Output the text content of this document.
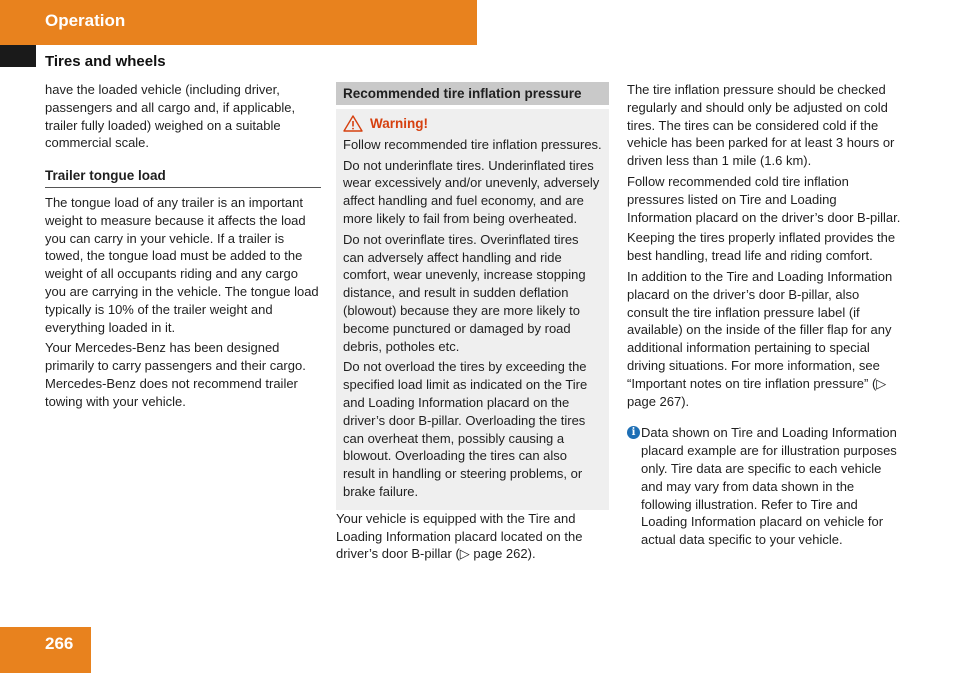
Operation
Tires and wheels

have the loaded vehicle (including driver, passengers and all cargo and, if applicable, trailer fully loaded) weighed on a suitable commercial scale.

Trailer tongue load

The tongue load of any trailer is an important weight to measure because it affects the load you can carry in your vehicle. If a trailer is towed, the tongue load must be added to the weight of all occupants riding and any cargo you are carrying in the vehicle. The tongue load typically is 10% of the trailer weight and everything loaded in it.

Your Mercedes-Benz has been designed primarily to carry passengers and their cargo. Mercedes-Benz does not recommend trailer towing with your vehicle.

Recommended tire inflation pressure
Warning!

Follow recommended tire inflation pressures.

Do not underinflate tires. Underinflated tires wear excessively and/or unevenly, adversely affect handling and fuel economy, and are more likely to fail from being overheated.

Do not overinflate tires. Overinflated tires can adversely affect handling and ride comfort, wear unevenly, increase stopping distance, and result in sudden deflation (blowout) because they are more likely to become punctured or damaged by road debris, potholes etc.

Do not overload the tires by exceeding the specified load limit as indicated on the Tire and Loading Information placard on the driver’s door B-pillar. Overloading the tires can overheat them, possibly causing a blowout. Overloading the tires can also result in handling or steering problems, or brake failure.

Your vehicle is equipped with the Tire and Loading Information placard located on the driver’s door B-pillar (▷ page 262).

The tire inflation pressure should be checked regularly and should only be adjusted on cold tires. The tires can be considered cold if the vehicle has been parked for at least 3 hours or driven less than 1 mile (1.6 km).

Follow recommended cold tire inflation pressures listed on Tire and Loading Information placard on the driver’s door B-pillar.

Keeping the tires properly inflated provides the best handling, tread life and riding comfort.

In addition to the Tire and Loading Information placard on the driver’s door B-pillar, also consult the tire inflation pressure label (if available) on the inside of the filler flap for any additional information pertaining to special driving situations. For more information, see “Important notes on tire inflation pressure” (▷ page 267).

i Data shown on Tire and Loading Information placard example are for illustration purposes only. Tire data are specific to each vehicle and may vary from data shown in the following illustration. Refer to Tire and Loading Information placard on vehicle for actual data specific to your vehicle.
266
